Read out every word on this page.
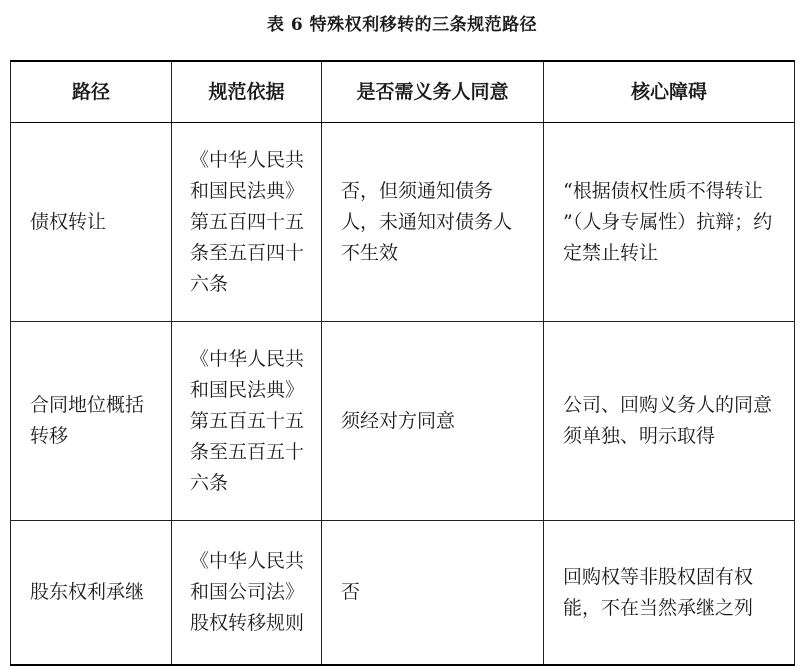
表 6 特殊权利移转的三条规范路径
路径	规范依据	是否需义务人同意	核心障碍
债权转让	《中华人民共和国民法典》第五百四十五条至五百四十六条	否，但须通知债务人，未通知对债务人不生效	“根据债权性质不得转让 ”（人身专属性）抗辩；约定禁止转让
合同地位概括转移	《中华人民共和国民法典》第五百五十五条至五百五十六条	须经对方同意	公司、回购义务人的同意须单独、明示取得
股东权利承继	《中华人民共和国公司法》股权转移规则	否	回购权等非股权固有权能，不在当然承继之列
